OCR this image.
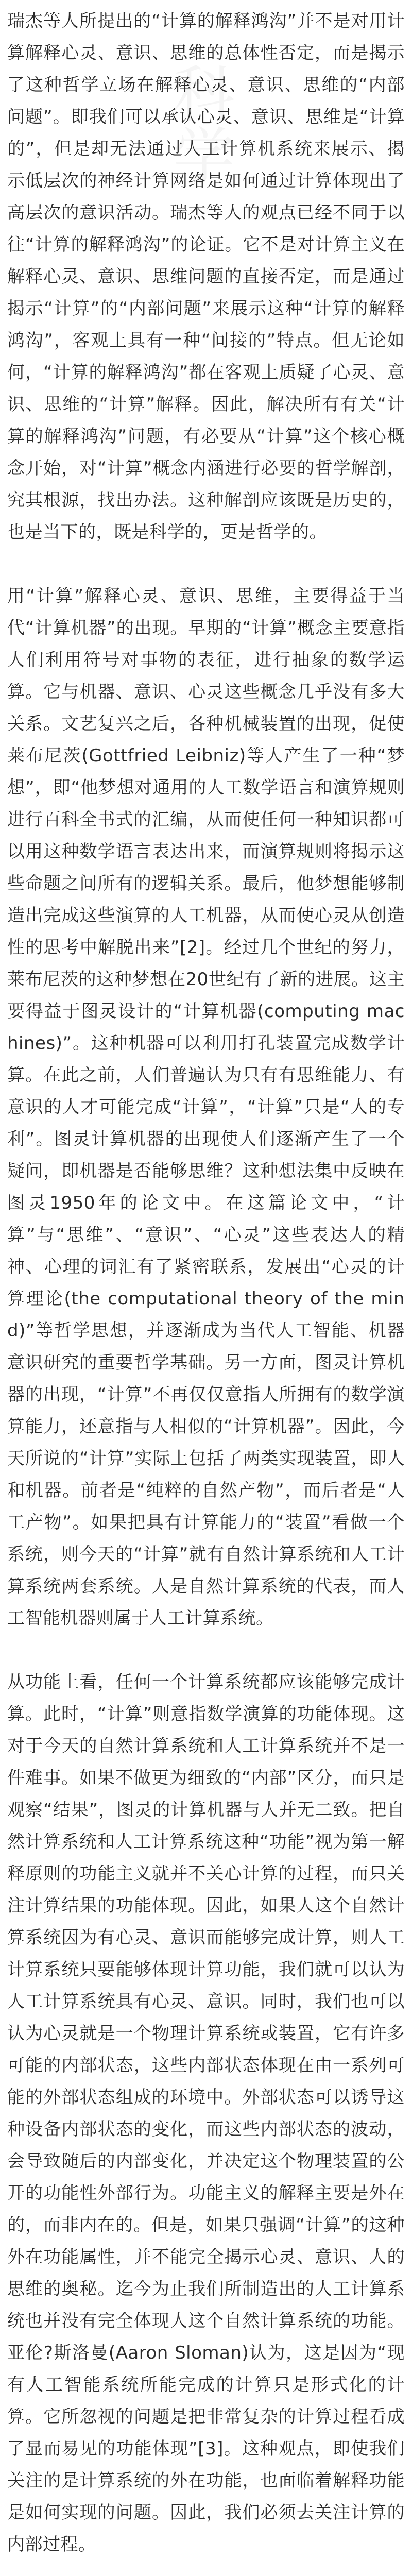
瑞杰等人所提出的“计算的解释鸿沟”并不是对用计算解释心灵、意识、思维的总体性否定，而是揭示了这种哲学立场在解释心灵、意识、思维的“内部问题”。即我们可以承认心灵、意识、思维是“计算的”，但是却无法通过人工计算机系统来展示、揭示低层次的神经计算网络是如何通过计算体现出了高层次的意识活动。瑞杰等人的观点已经不同于以往“计算的解释鸿沟”的论证。它不是对计算主义在解释心灵、意识、思维问题的直接否定，而是通过揭示“计算”的“内部问题”来展示这种“计算的解释鸿沟”，客观上具有一种“间接的”特点。但无论如何，“计算的解释鸿沟”都在客观上质疑了心灵、意识、思维的“计算”解释。因此，解决所有有关“计算的解释鸿沟”问题，有必要从“计算”这个核心概念开始，对“计算”概念内涵进行必要的哲学解剖，究其根源，找出办法。这种解剖应该既是历史的，也是当下的，既是科学的，更是哲学的。

用“计算”解释心灵、意识、思维，主要得益于当代“计算机器”的出现。早期的“计算”概念主要意指人们利用符号对事物的表征，进行抽象的数学运算。它与机器、意识、心灵这些概念几乎没有多大关系。文艺复兴之后，各种机械装置的出现，促使莱布尼茨(Gottfried Leibniz)等人产生了一种“梦想”，即“他梦想对通用的人工数学语言和演算规则进行百科全书式的汇编，从而使任何一种知识都可以用这种数学语言表达出来，而演算规则将揭示这些命题之间所有的逻辑关系。最后，他梦想能够制造出完成这些演算的人工机器，从而使心灵从创造性的思考中解脱出来”[2]。经过几个世纪的努力，莱布尼茨的这种梦想在20世纪有了新的进展。这主要得益于图灵设计的“计算机器(computing machines)”。这种机器可以利用打孔装置完成数学计算。在此之前，人们普遍认为只有有思维能力、有意识的人才可能完成“计算”，“计算”只是“人的专利”。图灵计算机器的出现使人们逐渐产生了一个疑问，即机器是否能够思维？这种想法集中反映在图灵1950年的论文中。在这篇论文中，“计算”与“思维”、“意识”、“心灵”这些表达人的精神、心理的词汇有了紧密联系，发展出“心灵的计算理论(the computational theory of the mind)”等哲学思想，并逐渐成为当代人工智能、机器意识研究的重要哲学基础。另一方面，图灵计算机器的出现，“计算”不再仅仅意指人所拥有的数学演算能力，还意指与人相似的“计算机器”。因此，今天所说的“计算”实际上包括了两类实现装置，即人和机器。前者是“纯粹的自然产物”，而后者是“人工产物”。如果把具有计算能力的“装置”看做一个系统，则今天的“计算”就有自然计算系统和人工计算系统两套系统。人是自然计算系统的代表，而人工智能机器则属于人工计算系统。

从功能上看，任何一个计算系统都应该能够完成计算。此时，“计算”则意指数学演算的功能体现。这对于今天的自然计算系统和人工计算系统并不是一件难事。如果不做更为细致的“内部”区分，而只是观察“结果”，图灵的计算机器与人并无二致。把自然计算系统和人工计算系统这种“功能”视为第一解释原则的功能主义就并不关心计算的过程，而只关注计算结果的功能体现。因此，如果人这个自然计算系统因为有心灵、意识而能够完成计算，则人工计算系统只要能够体现计算功能，我们就可以认为人工计算系统具有心灵、意识。同时，我们也可以认为心灵就是一个物理计算系统或装置，它有许多可能的内部状态，这些内部状态体现在由一系列可能的外部状态组成的环境中。外部状态可以诱导这种设备内部状态的变化，而这些内部状态的波动，会导致随后的内部变化，并决定这个物理装置的公开的功能性外部行为。功能主义的解释主要是外在的，而非内在的。但是，如果只强调“计算”的这种外在功能属性，并不能完全揭示心灵、意识、人的思维的奥秘。迄今为止我们所制造出的人工计算系统也并没有完全体现人这个自然计算系统的功能。亚伦?斯洛曼(Aaron Sloman)认为，这是因为“现有人工智能系统所能完成的计算只是形式化的计算。它所忽视的问题是把非常复杂的计算过程看成了显而易见的功能体现”[3]。这种观点，即使我们关注的是计算系统的外在功能，也面临着解释功能是如何实现的问题。因此，我们必须去关注计算的内部过程。
